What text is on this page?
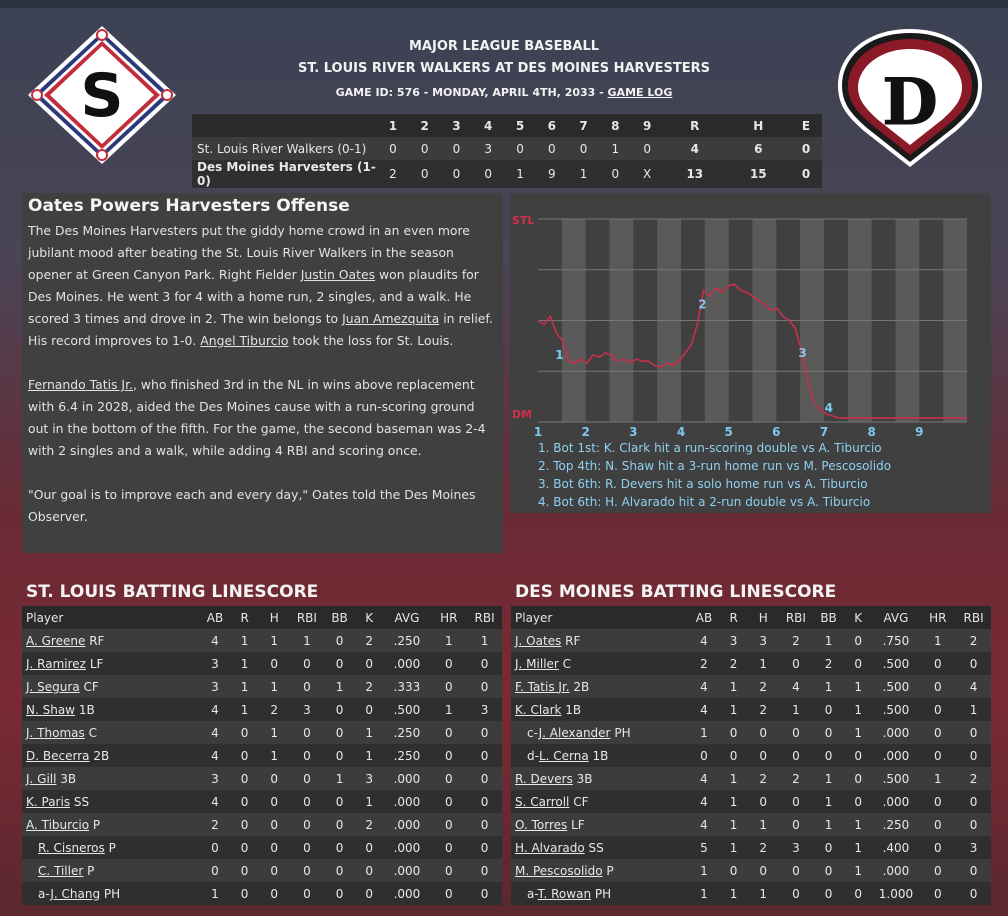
S	D
MAJOR LEAGUE BASEBALL
ST. LOUIS RIVER WALKERS AT DES MOINES HARVESTERS
GAME ID: 576 - MONDAY, APRIL 4TH, 2033 - GAME LOG
	1	2	3	4	5	6	7	8	9	R	H	E
St. Louis River Walkers (0-1)	0	0	0	3	0	0	0	1	0	4	6	0
Des Moines Harvesters (1-0)	2	0	0	0	1	9	1	0	X	13	15	0
Oates Powers Harvesters Offense

The Des Moines Harvesters put the giddy home crowd in an even more jubilant mood after beating the St. Louis River Walkers in the season opener at Green Canyon Park. Right Fielder Justin Oates won plaudits for Des Moines. He went 3 for 4 with a home run, 2 singles, and a walk. He scored 3 times and drove in 2. The win belongs to Juan Amezquita in relief. His record improves to 1-0. Angel Tiburcio took the loss for St. Louis.

Fernando Tatis Jr., who finished 3rd in the NL in wins above replacement with 6.4 in 2028, aided the Des Moines cause with a run-scoring ground out in the bottom of the fifth. For the game, the second baseman was 2-4 with 2 singles and a walk, while adding 4 RBI and scoring once.

"Our goal is to improve each and every day," Oates told the Des Moines Observer.

STL
DM
1	2	3	4	5	6	7	8	9
1
2
3
4
1. Bot 1st: K. Clark hit a run-scoring double vs A. Tiburcio
2. Top 4th: N. Shaw hit a 3-run home run vs M. Pescosolido
3. Bot 6th: R. Devers hit a solo home run vs A. Tiburcio
4. Bot 6th: H. Alvarado hit a 2-run double vs A. Tiburcio
ST. LOUIS BATTING LINESCORE
Player	AB	R	H	RBI	BB	K	AVG	HR	RBI
A. Greene RF	4	1	1	1	0	2	.250	1	1
J. Ramirez LF	3	1	0	0	0	0	.000	0	0
J. Segura CF	3	1	1	0	1	2	.333	0	0
N. Shaw 1B	4	1	2	3	0	0	.500	1	3
J. Thomas C	4	0	1	0	0	1	.250	0	0
D. Becerra 2B	4	0	1	0	0	1	.250	0	0
J. Gill 3B	3	0	0	0	1	3	.000	0	0
K. Paris SS	4	0	0	0	0	1	.000	0	0
A. Tiburcio P	2	0	0	0	0	2	.000	0	0
R. Cisneros P	0	0	0	0	0	0	.000	0	0
C. Tiller P	0	0	0	0	0	0	.000	0	0
a-J. Chang PH	1	0	0	0	0	0	.000	0	0
DES MOINES BATTING LINESCORE
Player	AB	R	H	RBI	BB	K	AVG	HR	RBI
J. Oates RF	4	3	3	2	1	0	.750	1	2
J. Miller C	2	2	1	0	2	0	.500	0	0
F. Tatis Jr. 2B	4	1	2	4	1	1	.500	0	4
K. Clark 1B	4	1	2	1	0	1	.500	0	1
c-J. Alexander PH	1	0	0	0	0	1	.000	0	0
d-L. Cerna 1B	0	0	0	0	0	0	.000	0	0
R. Devers 3B	4	1	2	2	1	0	.500	1	2
S. Carroll CF	4	1	0	0	1	0	.000	0	0
O. Torres LF	4	1	1	0	1	1	.250	0	0
H. Alvarado SS	5	1	2	3	0	1	.400	0	3
M. Pescosolido P	1	0	0	0	0	1	.000	0	0
a-T. Rowan PH	1	1	1	0	0	0	1.000	0	0
